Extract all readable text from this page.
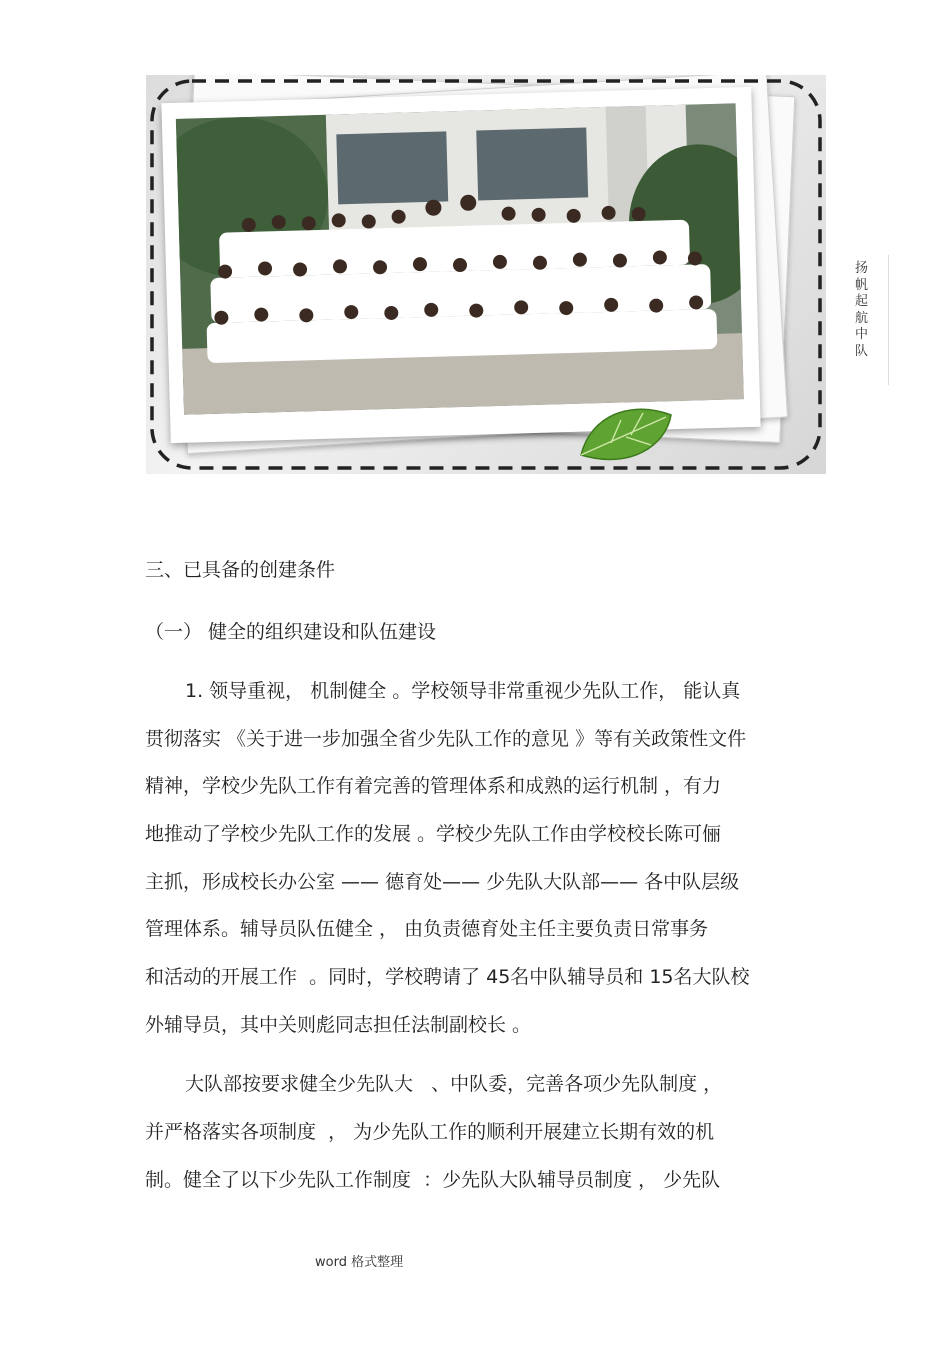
扬帆起航中队
三、已具备的创建条件
（一） 健全的组织建设和队伍建设
1. 领导重视， 机制健全 。学校领导非常重视少先队工作， 能认真
贯彻落实 《关于进一步加强全省少先队工作的意见 》等有关政策性文件
精神，学校少先队工作有着完善的管理体系和成熟的运行机制 ，有力
地推动了学校少先队工作的发展 。学校少先队工作由学校校长陈可俪
主抓，形成校长办公室 —— 德育处—— 少先队大队部—— 各中队层级
管理体系。辅导员队伍健全 ， 由负责德育处主任主要负责日常事务
和活动的开展工作  。同时，学校聘请了 45名中队辅导员和 15名大队校
外辅导员，其中关则彪同志担任法制副校长 。
大队部按要求健全少先队大   、中队委，完善各项少先队制度 ，
并严格落实各项制度  ， 为少先队工作的顺利开展建立长期有效的机
制。健全了以下少先队工作制度  ：少先队大队辅导员制度 ， 少先队
word 格式整理
